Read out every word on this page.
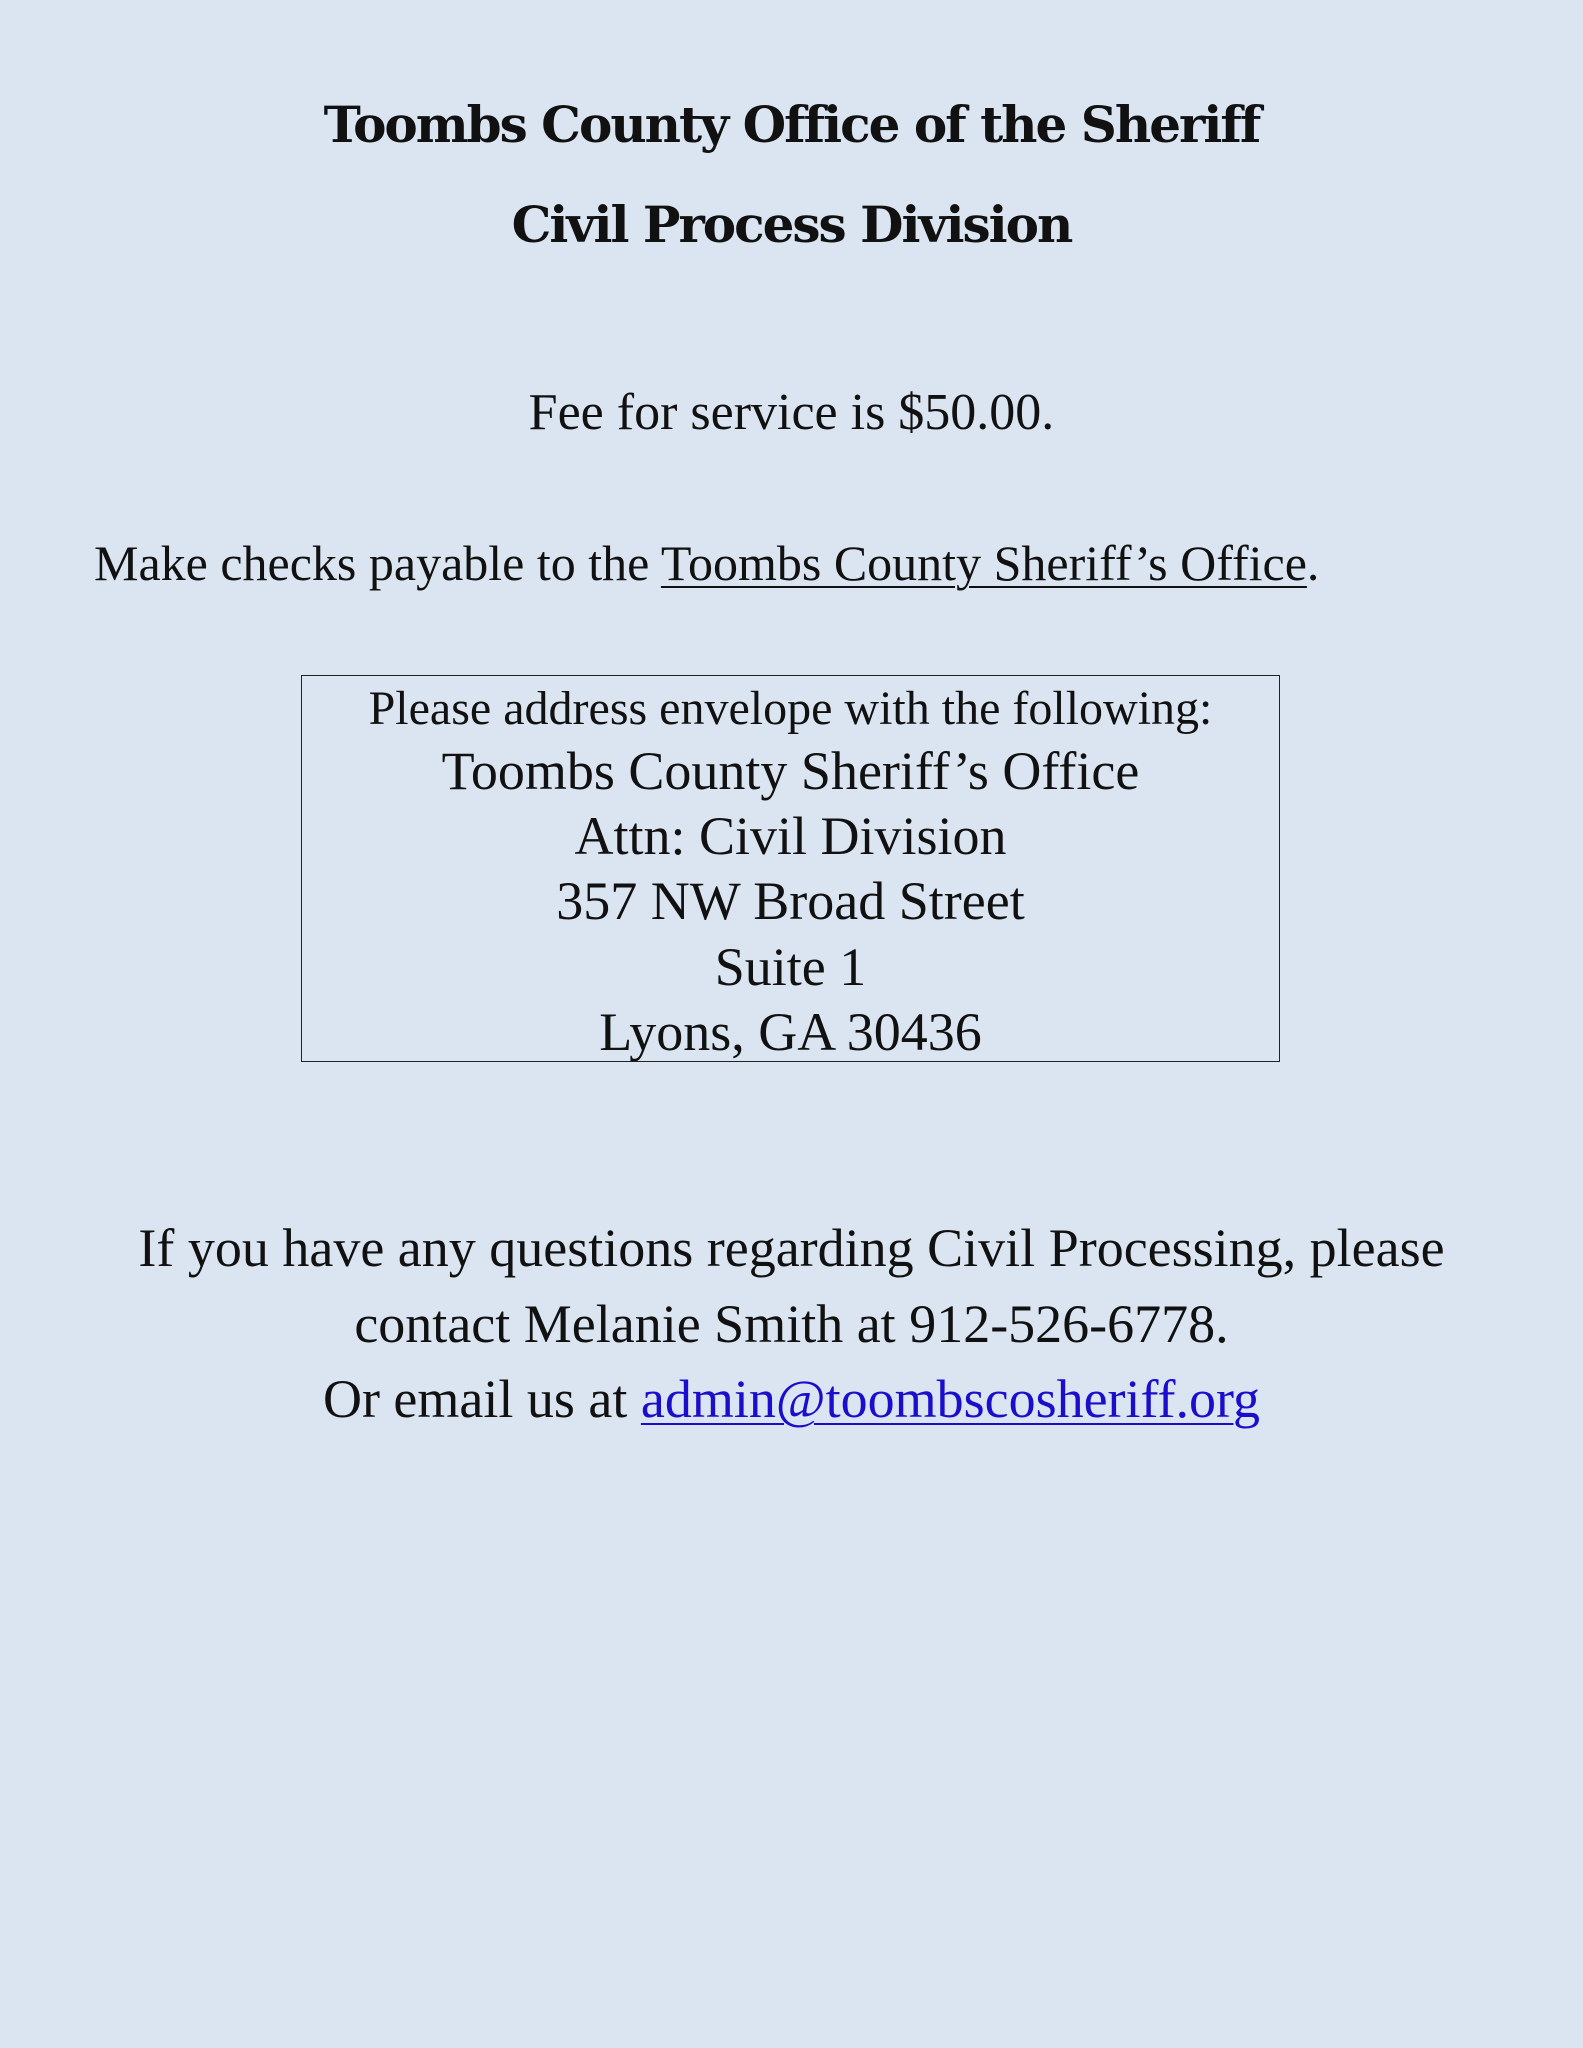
Toombs County Office of the Sheriff
Civil Process Division
Fee for service is $50.00.
Make checks payable to the Toombs County Sheriff’s Office.
Please address envelope with the following:
Toombs County Sheriff’s Office
Attn: Civil Division
357 NW Broad Street
Suite 1
Lyons, GA 30436
If you have any questions regarding Civil Processing, please
contact Melanie Smith at 912-526-6778.
Or email us at admin@toombscosheriff.org
